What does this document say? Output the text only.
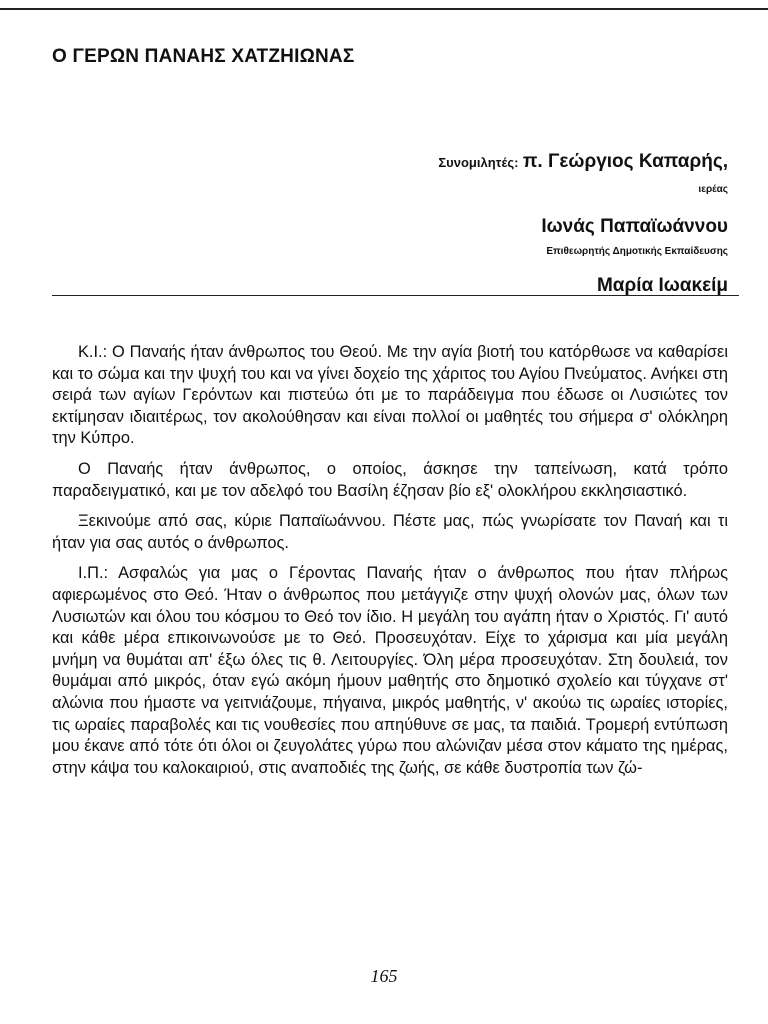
Ο ΓΕΡΩΝ ΠΑΝΑΗΣ ΧΑΤΖΗΙΩΝΑΣ
Συνομιλητές: π. Γεώργιος Καπαρής,
ιερέας
Ιωνάς Παπαϊωάννου
Επιθεωρητής Δημοτικής Εκπαίδευσης
Μαρία Ιωακείμ

Κ.Ι.: Ο Παναής ήταν άνθρωπος του Θεού. Με την αγία βιοτή του κατόρθωσε να καθαρίσει και το σώμα και την ψυχή του και να γίνει δοχείο της χάριτος του Αγίου Πνεύματος. Ανήκει στη σειρά των αγίων Γερόντων και πιστεύω ότι με το παράδειγμα που έδωσε οι Λυσιώτες τον εκτίμησαν ιδιαιτέρως, τον ακολούθησαν και είναι πολλοί οι μαθητές του σήμερα σ' ολόκληρη την Κύπρο.

Ο Παναής ήταν άνθρωπος, ο οποίος, άσκησε την ταπείνωση, κατά τρόπο παραδειγματικό, και με τον αδελφό του Βασίλη έζησαν βίο εξ' ολοκλήρου εκκλησιαστικό.

Ξεκινούμε από σας, κύριε Παπαϊωάννου. Πέστε μας, πώς γνωρίσατε τον Παναή και τι ήταν για σας αυτός ο άνθρωπος.

Ι.Π.: Ασφαλώς για μας ο Γέροντας Παναής ήταν ο άνθρωπος που ήταν πλήρως αφιερωμένος στο Θεό. Ήταν ο άνθρωπος που μετάγγιζε στην ψυχή ολονών μας, όλων των Λυσιωτών και όλου του κόσμου το Θεό τον ίδιο. Η μεγάλη του αγάπη ήταν ο Χριστός. Γι' αυτό και κάθε μέρα επικοινωνούσε με το Θεό. Προσευχόταν. Είχε το χάρισμα και μία μεγάλη μνήμη να θυμάται απ' έξω όλες τις θ. Λειτουργίες. Όλη μέρα προσευχόταν. Στη δουλειά, τον θυμάμαι από μικρός, όταν εγώ ακόμη ήμουν μαθητής στο δημοτικό σχολείο και τύγχανε στ' αλώνια που ήμαστε να γειτνιάζουμε, πήγαινα, μικρός μαθητής, ν' ακούω τις ωραίες ιστορίες, τις ωραίες παραβολές και τις νουθεσίες που απηύθυνε σε μας, τα παιδιά. Τρομερή εντύπωση μου έκανε από τότε ότι όλοι οι ζευγολάτες γύρω που αλώνιζαν μέσα στον κάματο της ημέρας, στην κάψα του καλοκαιριού, στις αναποδιές της ζωής, σε κάθε δυστροπία των ζώ-

165
